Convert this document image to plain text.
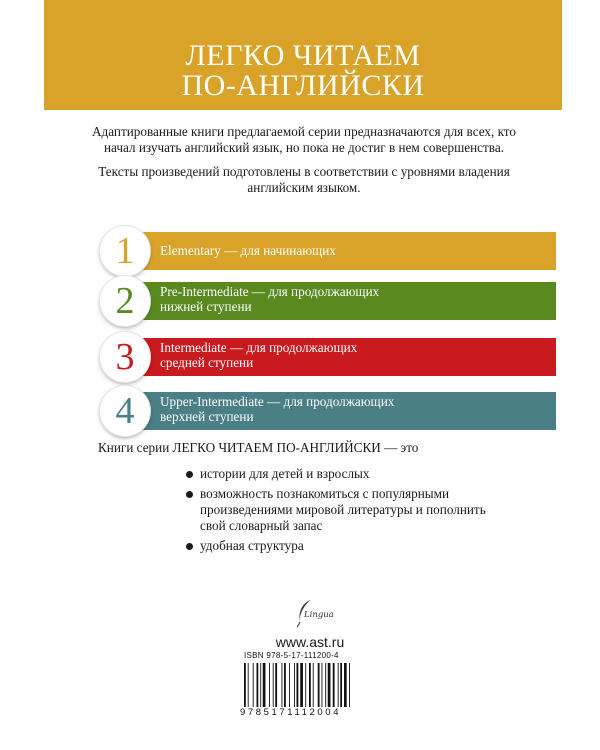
ЛЕГКО ЧИТАЕМ
ПО-АНГЛИЙСКИ

Адаптированные книги предлагаемой серии предназначаются для всех, кто начал изучать английский язык, но пока не достиг в нем совершенства.

Тексты произведений подготовлены в соответствии с уровнями владения английским языком.

1	Elementary — для начинающих
2	Pre-Intermediate — для продолжающих
нижней ступени
3	Intermediate — для продолжающих
средней ступени
4	Upper-Intermediate — для продолжающих
верхней ступени
Книги серии ЛЕГКО ЧИТАЕМ ПО-АНГЛИЙСКИ — это
истории для детей и взрослых
возможность познакомиться с популярными произведениями мировой литературы и пополнить свой словарный запас
удобная структура
Lingua
www.ast.ru
ISBN 978-5-17-111200-4
9785171112004
